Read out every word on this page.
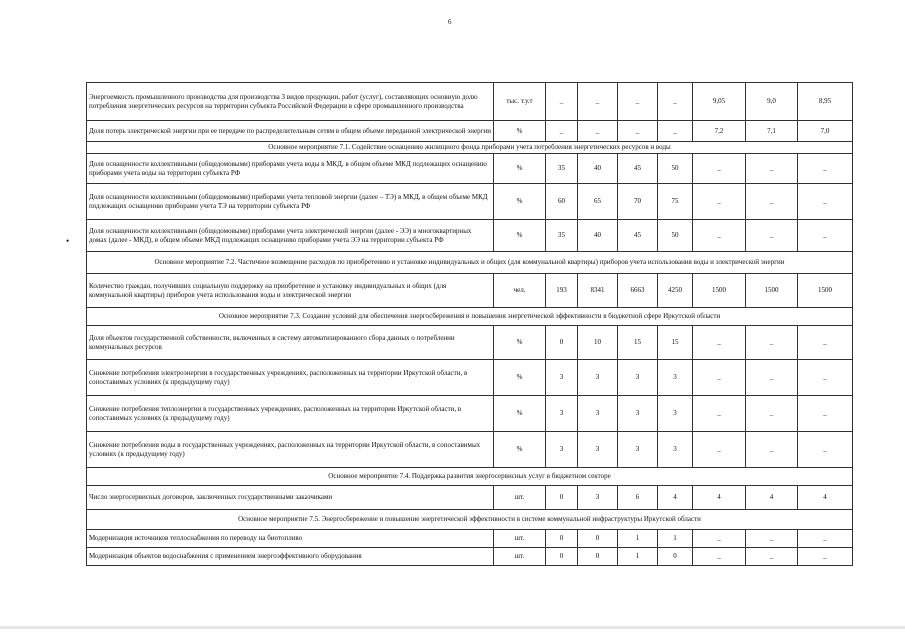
6
•
Энергоемкость промышленного производства для производства 3 видов продукции, работ (услуг), составляющих основную долю потребления энергетических ресурсов на территории субъекта Российской Федерации в сфере промышленного производства	тыс. т.у.т	_	_	_	_	9,05	9,0	8,95
Доля потерь электрической энергии при ее передаче по распределительным сетям в общем объеме переданной электрической энергии	%	_	_	_	_	7,2	7,1	7,0
Основное мероприятие 7.1. Содействие оснащению жилищного фонда приборами учета потребления энергетических ресурсов и воды								
Доля оснащенности коллективными (общедомовыми) приборами учета воды в МКД, в общем объеме МКД подлежащих оснащению приборами учета воды на территории субъекта РФ	%	35	40	45	50	_	_	_
Доля оснащенности коллективными (общедомовыми) приборами учета тепловой энергии (далее – ТЭ) в МКД, в общем объеме МКД подлежащих оснащению приборами учета ТЭ на территории субъекта РФ	%	60	65	70	75	_	_	_
Доля оснащенности коллективными (общедомовыми) приборами учета электрической энергии (далее - ЭЭ) в многоквартирных домах (далее - МКД), в общем объеме МКД подлежащих оснащению приборами учета ЭЭ на территории субъекта РФ	%	35	40	45	50	_	_	_
Основное мероприятие 7.2. Частичное возмещение расходов по приобретению и установке индивидуальных и общих (для коммунальной квартиры) приборов учета использования воды и электрической энергии								
Количество граждан, получивших социальную поддержку на приобретение и установку индивидуальных и общих (для коммунальной квартиры) приборов учета использования воды и электрической энергии	чел.	193	8341	6663	4250	1500	1500	1500
Основное мероприятие 7.3. Создание условий для обеспечения энергосбережения и повышения энергетической эффективности в бюджетной сфере Иркутской области								
Доля объектов государственной собственности, включенных в систему автоматизированного сбора данных о потреблении коммунальных ресурсов	%	0	10	15	15	_	_	_
Снижение потребления электроэнергии в государственных учреждениях, расположенных на территории Иркутской области, в сопоставимых условиях (к предыдущему году)	%	3	3	3	3	_	_	_
Снижение потребления теплоэнергии в государственных учреждениях, расположенных на территории Иркутской области, в сопоставимых условиях (к предыдущему году)	%	3	3	3	3	_	_	_
Снижение потребления воды в государственных учреждениях, расположенных на территории Иркутской области, в сопоставимых условиях (к предыдущему году)	%	3	3	3	3	_	_	_
Основное мероприятие 7.4. Поддержка развития энергосервисных услуг в бюджетном секторе								
Число энергосервисных договоров, заключенных государственными заказчиками	шт.	0	3	6	4	4	4	4
Основное мероприятие 7.5. Энергосбережение и повышение энергетической эффективности в системе коммунальной инфраструктуры Иркутской области								
Модернизация источников теплоснабжения по переводу на биотопливо	шт.	0	0	1	1	_	_	_
Модернизация объектов водоснабжения с применением энергоэффективного оборудования	шт.	0	0	1	0	_	_	_
